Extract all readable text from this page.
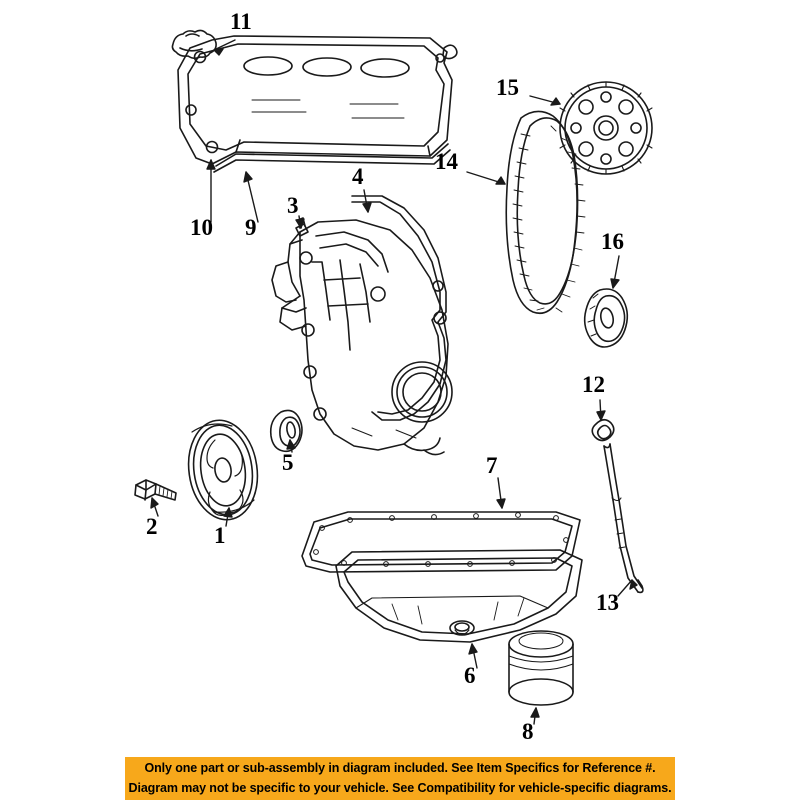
1
2
3
4
5
6
7
8
9
10
11
12
13
14
15
16
Only one part or sub-assembly in diagram included. See Item Specifics for Reference #.
Diagram may not be specific to your vehicle. See Compatibility for vehicle-specific diagrams.
